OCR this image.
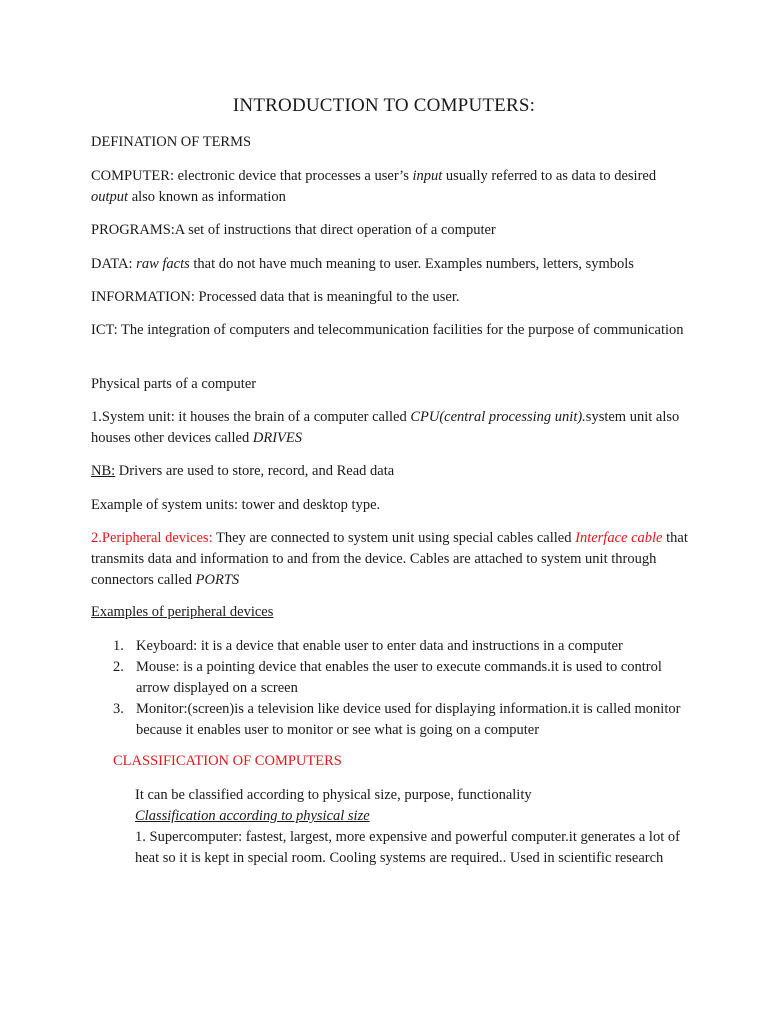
INTRODUCTION TO COMPUTERS:

DEFINATION OF TERMS

COMPUTER: electronic device that processes a user’s input usually referred to as data to desired output also known as information

PROGRAMS:A set of instructions that direct operation of a computer

DATA: raw facts that do not have much meaning to user. Examples numbers, letters, symbols

INFORMATION: Processed data that is meaningful to the user.

ICT: The integration of computers and telecommunication facilities for the purpose of communication

Physical parts of a computer

1.System unit: it houses the brain of a computer called CPU(central processing unit).system unit also houses other devices called DRIVES

NB: Drivers are used to store, record, and Read data

Example of system units: tower and desktop type.

2.Peripheral devices: They are connected to system unit using special cables called Interface cable that transmits data and information to and from the device. Cables are attached to system unit through connectors called PORTS

Examples of peripheral devices

1. Keyboard: it is a device that enable user to enter data and instructions in a computer
2. Mouse: is a pointing device that enables the user to execute commands.it is used to control arrow displayed on a screen
3. Monitor:(screen)is a television like device used for displaying information.it is called monitor because it enables user to monitor or see what is going on a computer

CLASSIFICATION OF COMPUTERS

It can be classified according to physical size, purpose, functionality

Classification according to physical size

1. Supercomputer: fastest, largest, more expensive and powerful computer.it generates a lot of heat so it is kept in special room. Cooling systems are required.. Used in scientific research
